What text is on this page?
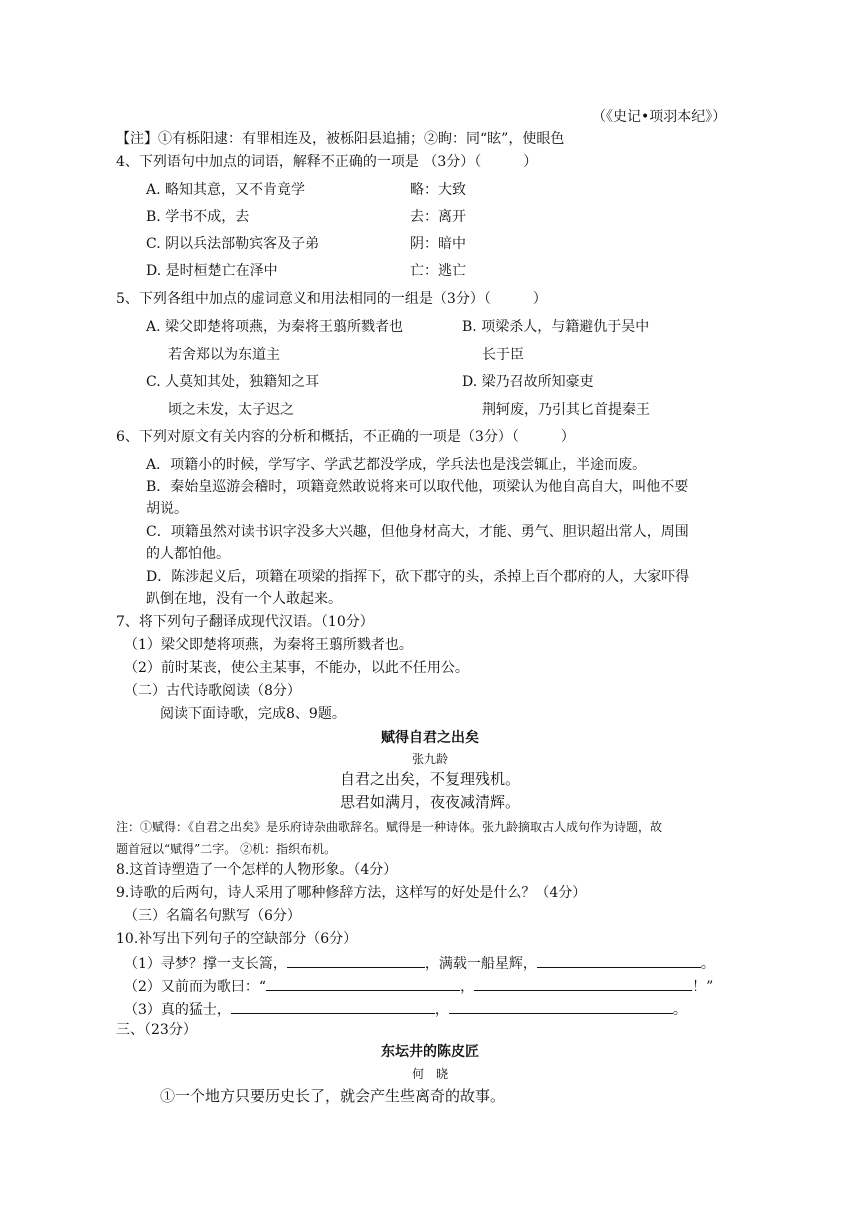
（《史记•项羽本纪》）
【注】①有栎阳逮：有罪相连及，被栎阳县追捕；②眴：同“眩”，使眼色
4、下列语句中加点的词语，解释不正确的一项是 （3分）（　　　）
A. 略知其意，又不肯竟学	略：大致
B. 学书不成，去	去：离开
C. 阴以兵法部勒宾客及子弟	阴：暗中
D. 是时桓楚亡在泽中	亡：逃亡
5、下列各组中加点的虚词意义和用法相同的一组是（3分）（　　　）
A. 梁父即楚将项燕，为秦将王翦所戮者也	B. 项梁杀人，与籍避仇于吴中
若舍郑以为东道主	长于臣
C. 人莫知其处，独籍知之耳	D. 梁乃召故所知豪吏
顷之未发，太子迟之	荆轲废，乃引其匕首提秦王
6、下列对原文有关内容的分析和概括，不正确的一项是（3分）（　　　）
A．项籍小的时候，学写字、学武艺都没学成，学兵法也是浅尝辄止，半途而废。
B．秦始皇巡游会稽时，项籍竟然敢说将来可以取代他，项梁认为他自高自大，叫他不要
胡说。
C．项籍虽然对读书识字没多大兴趣，但他身材高大，才能、勇气、胆识超出常人，周围
的人都怕他。
D．陈涉起义后，项籍在项梁的指挥下，砍下郡守的头，杀掉上百个郡府的人，大家吓得
趴倒在地，没有一个人敢起来。
7、将下列句子翻译成现代汉语。（10分）
（1）梁父即楚将项燕，为秦将王翦所戮者也。
（2）前时某丧，使公主某事，不能办，以此不任用公。
（二）古代诗歌阅读（8分）
阅读下面诗歌，完成8、9题。
赋得自君之出矣
张九龄
自君之出矣，不复理残机。
思君如满月，夜夜减清辉。
注：①赋得：《自君之出矣》是乐府诗杂曲歌辞名。赋得是一种诗体。张九龄摘取古人成句作为诗题，故
题首冠以“赋得”二字。 ②机：指织布机。
8.这首诗塑造了一个怎样的人物形象。（4分）
9.诗歌的后两句，诗人采用了哪种修辞方法，这样写的好处是什么？（4分）
（三）名篇名句默写（6分）
10.补写出下列句子的空缺部分（6分）
（1）寻梦？撑一支长篙，	，满载一船星辉，	。
（2）又前而为歌曰：“	，	！”
（3）真的猛士，	，	。
三、（23分）
东坛井的陈皮匠
何　晓
①一个地方只要历史长了，就会产生些离奇的故事。
